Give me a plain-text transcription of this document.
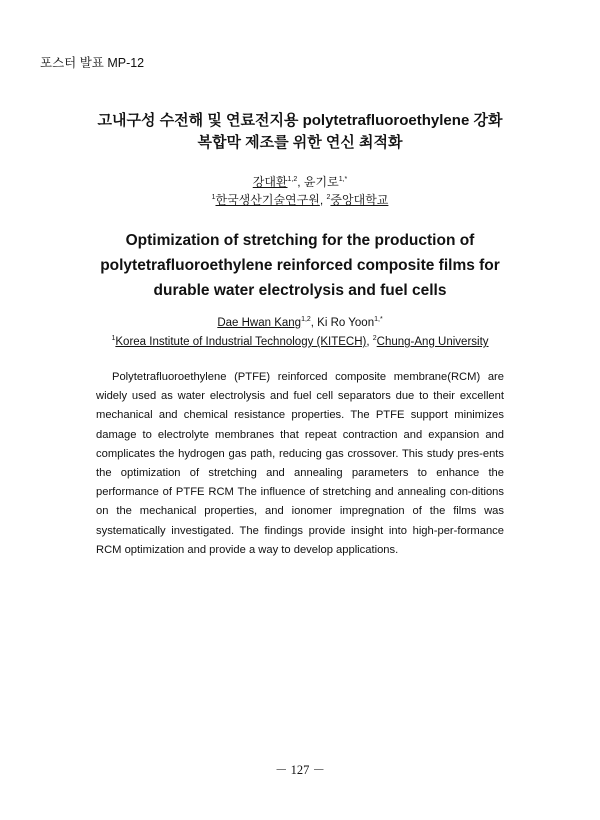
포스터 발표 MP-12
고내구성 수전해 및 연료전지용 polytetrafluoroethylene 강화
복합막 제조를 위한 연신 최적화
강대환$^{1,2}$, 윤기로$^{1,*}$
$^1$한국생산기술연구원, $^2$중앙대학교
Optimization of stretching for the production of
polytetrafluoroethylene reinforced composite films for
durable water electrolysis and fuel cells
Dae Hwan Kang$^{1,2}$, Ki Ro Yoon$^{1,*}$
$^1$Korea Institute of Industrial Technology (KITECH), $^2$Chung-Ang University

Polytetrafluoroethylene (PTFE) reinforced composite membrane(RCM) are widely used as water electrolysis and fuel cell separators due to their excellent mechanical and chemical resistance properties. The PTFE support minimizes damage to electrolyte membranes that repeat contraction and expansion and complicates the hydrogen gas path, reducing gas crossover. This study pres-ents the optimization of stretching and annealing parameters to enhance the performance of PTFE RCM The influence of stretching and annealing con-ditions on the mechanical properties, and ionomer impregnation of the films was systematically investigated. The findings provide insight into high-per-formance RCM optimization and provide a way to develop applications.

－ 127 －
